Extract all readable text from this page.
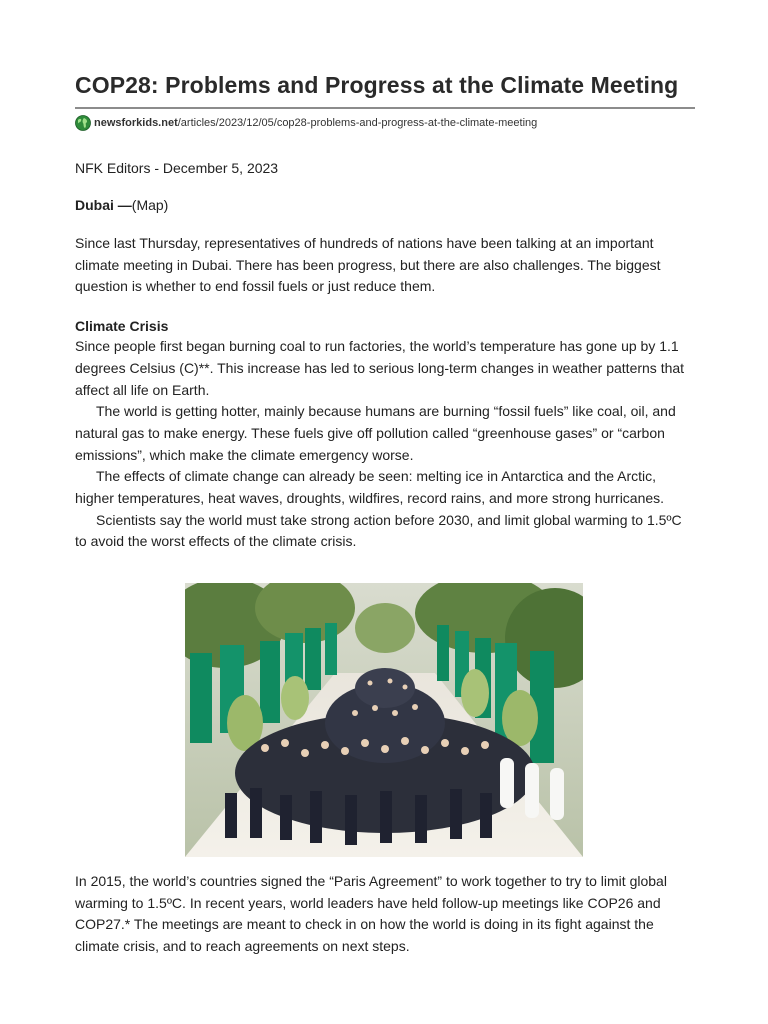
COP28: Problems and Progress at the Climate Meeting
newsforkids.net /articles/2023/12/05/cop28-problems-and-progress-at-the-climate-meeting
NFK Editors - December 5, 2023
Dubai —(Map)

Since last Thursday, representatives of hundreds of nations have been talking at an important climate meeting in Dubai. There has been progress, but there are also challenges. The biggest question is whether to end fossil fuels or just reduce them.

Climate Crisis

Since people first began burning coal to run factories, the world’s temperature has gone up by 1.1 degrees Celsius (C)**. This increase has led to serious long-term changes in weather patterns that affect all life on Earth.

The world is getting hotter, mainly because humans are burning “fossil fuels” like coal, oil, and natural gas to make energy. These fuels give off pollution called “greenhouse gases” or “carbon emissions”, which make the climate emergency worse.

The effects of climate change can already be seen: melting ice in Antarctica and the Arctic, higher temperatures, heat waves, droughts, wildfires, record rains, and more strong hurricanes.

Scientists say the world must take strong action before 2030, and limit global warming to 1.5ºC to avoid the worst effects of the climate crisis.

In 2015, the world’s countries signed the “Paris Agreement” to work together to try to limit global warming to 1.5ºC. In recent years, world leaders have held follow-up meetings like COP26 and COP27.* The meetings are meant to check in on how the world is doing in its fight against the climate crisis, and to reach agreements on next steps.
